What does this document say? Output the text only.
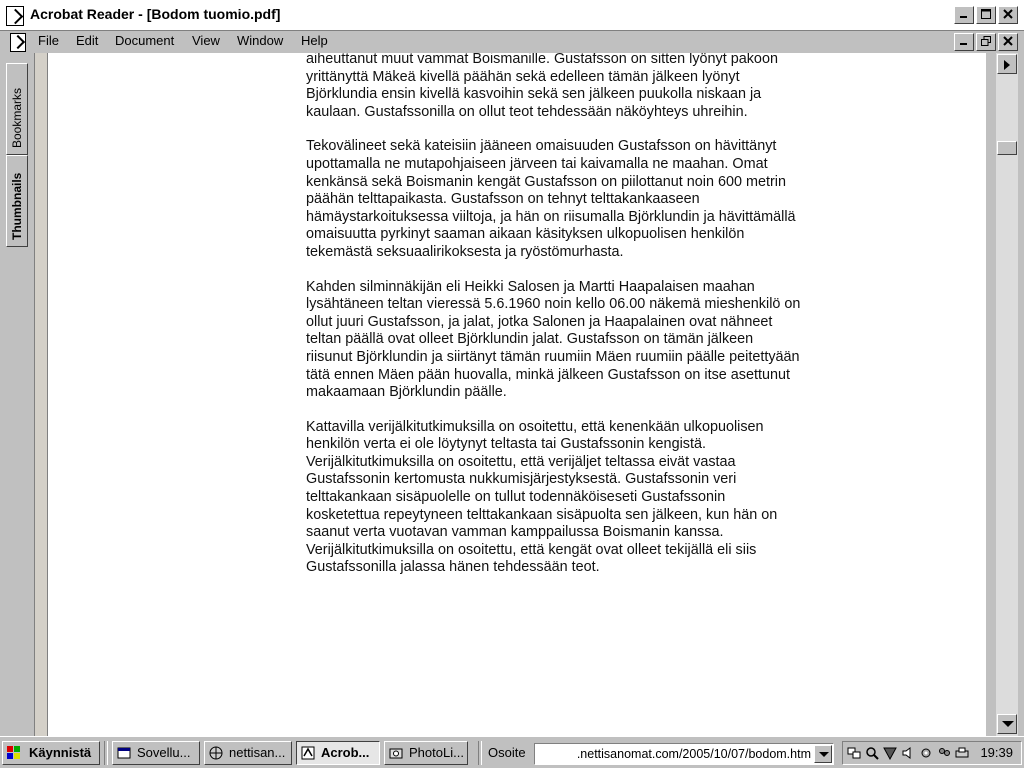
Acrobat Reader - [Bodom tuomio.pdf]
File Edit Document View Window Help
Bookmarks
Thumbnails

aiheuttanut muut vammat Boismanille. Gustafsson on sitten lyönyt pakoon
yrittänyttä Mäkeä kivellä päähän sekä edelleen tämän jälkeen lyönyt
Björklundia ensin kivellä kasvoihin sekä sen jälkeen puukolla niskaan ja
kaulaan. Gustafssonilla on ollut teot tehdessään näköyhteys uhreihin.

Tekovälineet sekä kateisiin jääneen omaisuuden Gustafsson on hävittänyt
upottamalla ne mutapohjaiseen järveen tai kaivamalla ne maahan. Omat
kenkänsä sekä Boismanin kengät Gustafsson on piilottanut noin 600 metrin
päähän telttapaikasta. Gustafsson on tehnyt telttakankaaseen
hämäystarkoituksessa viiltoja, ja hän on riisumalla Björklundin ja hävittämällä
omaisuutta pyrkinyt saaman aikaan käsityksen ulkopuolisen henkilön
tekemästä seksuaalirikoksesta ja ryöstömurhasta.

Kahden silminnäkijän eli Heikki Salosen ja Martti Haapalaisen maahan
lysähtäneen teltan vieressä 5.6.1960 noin kello 06.00 näkemä mieshenkilö on
ollut juuri Gustafsson, ja jalat, jotka Salonen ja Haapalainen ovat nähneet
teltan päällä ovat olleet Björklundin jalat. Gustafsson on tämän jälkeen
riisunut Björklundin ja siirtänyt tämän ruumiin Mäen ruumiin päälle peitettyään
tätä ennen Mäen pään huovalla, minkä jälkeen Gustafsson on itse asettunut
makaamaan Björklundin päälle.

Kattavilla verijälkitutkimuksilla on osoitettu, että kenenkään ulkopuolisen
henkilön verta ei ole löytynyt teltasta tai Gustafssonin kengistä.
Verijälkitutkimuksilla on osoitettu, että verijäljet teltassa eivät vastaa
Gustafssonin kertomusta nukkumisjärjestyksestä. Gustafssonin veri
telttakankaan sisäpuolelle on tullut todennäköiseseti Gustafssonin
kosketettua repeytyneen telttakankaan sisäpuolta sen jälkeen, kun hän on
saanut verta vuotavan vamman kamppailussa Boismanin kanssa.
Verijälkitutkimuksilla on osoitettu, että kengät ovat olleet tekijällä eli siis
Gustafssonilla jalassa hänen tehdessään teot.

Käynnistä	Sovellu...	nettisan...	Acrob...	PhotoLi...	Osoite
.nettisanomat.com/2005/10/07/bodom.htm	19:39
